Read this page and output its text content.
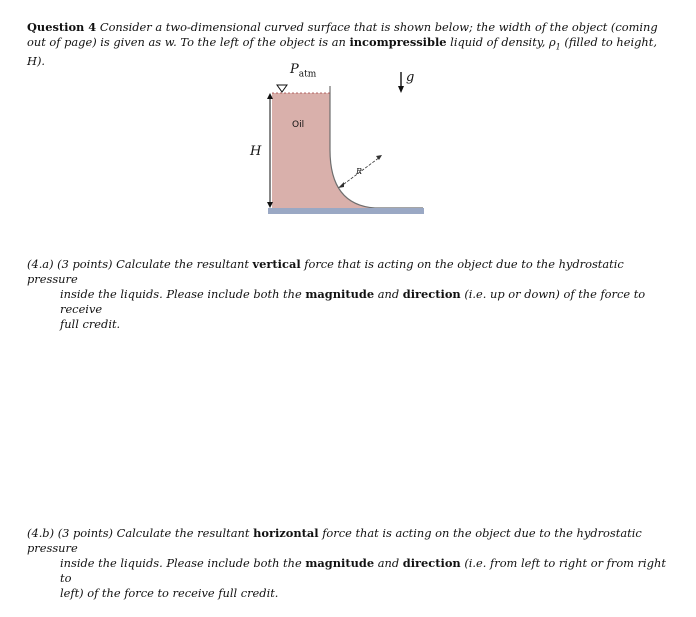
Question 4 Consider a two-dimensional curved surface that is shown below; the width of the object (coming out of page) is given as w. To the left of the object is an incompressible liquid of density, $\rho_1$ (filled to height, H).
$P_{atm}$	g
Oil
H
R
(4.a) (3 points) Calculate the resultant vertical force that is acting on the object due to the hydrostatic pressure
inside the liquids. Please include both the magnitude and direction (i.e. up or down) of the force to receive
full credit.
(4.b) (3 points) Calculate the resultant horizontal force that is acting on the object due to the hydrostatic pressure
inside the liquids. Please include both the magnitude and direction (i.e. from left to right or from right to
left) of the force to receive full credit.
